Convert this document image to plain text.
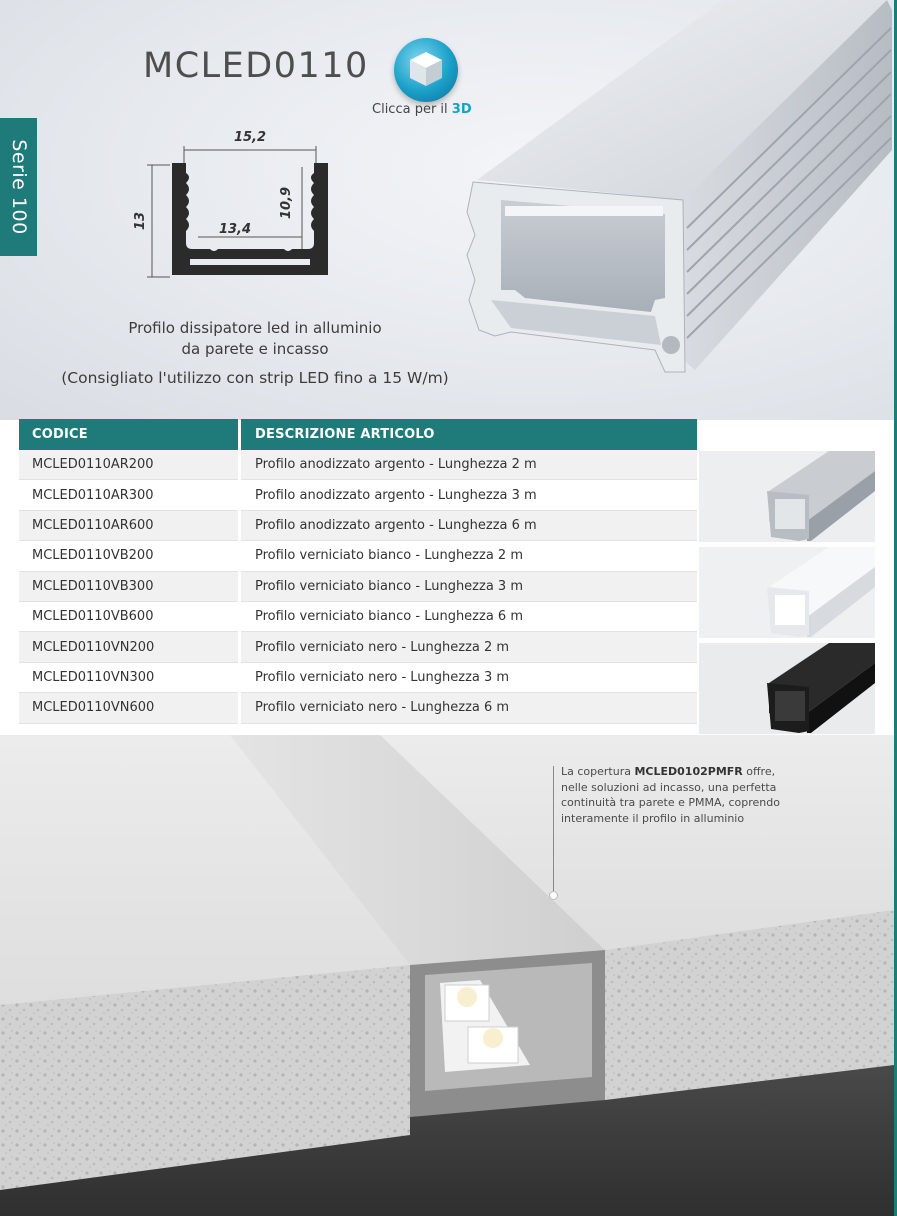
MCLED0110
Clicca per il 3D
15,2
13,4
13
10,9
Profilo dissipatore led in alluminio
da parete e incasso
(Consigliato l'utilizzo con strip LED fino a 15 W/m)
Serie 100
CODICE	DESCRIZIONE ARTICOLO
MCLED0110AR200	Profilo anodizzato argento - Lunghezza 2 m
MCLED0110AR300	Profilo anodizzato argento - Lunghezza 3 m
MCLED0110AR600	Profilo anodizzato argento - Lunghezza 6 m
MCLED0110VB200	Profilo verniciato bianco - Lunghezza 2 m
MCLED0110VB300	Profilo verniciato bianco - Lunghezza 3 m
MCLED0110VB600	Profilo verniciato bianco - Lunghezza 6 m
MCLED0110VN200	Profilo verniciato nero - Lunghezza 2 m
MCLED0110VN300	Profilo verniciato nero - Lunghezza 3 m
MCLED0110VN600	Profilo verniciato nero - Lunghezza 6 m

La copertura MCLED0102PMFR offre, nelle soluzioni ad incasso, una perfetta continuità tra parete e PMMA, coprendo interamente il profilo in alluminio
